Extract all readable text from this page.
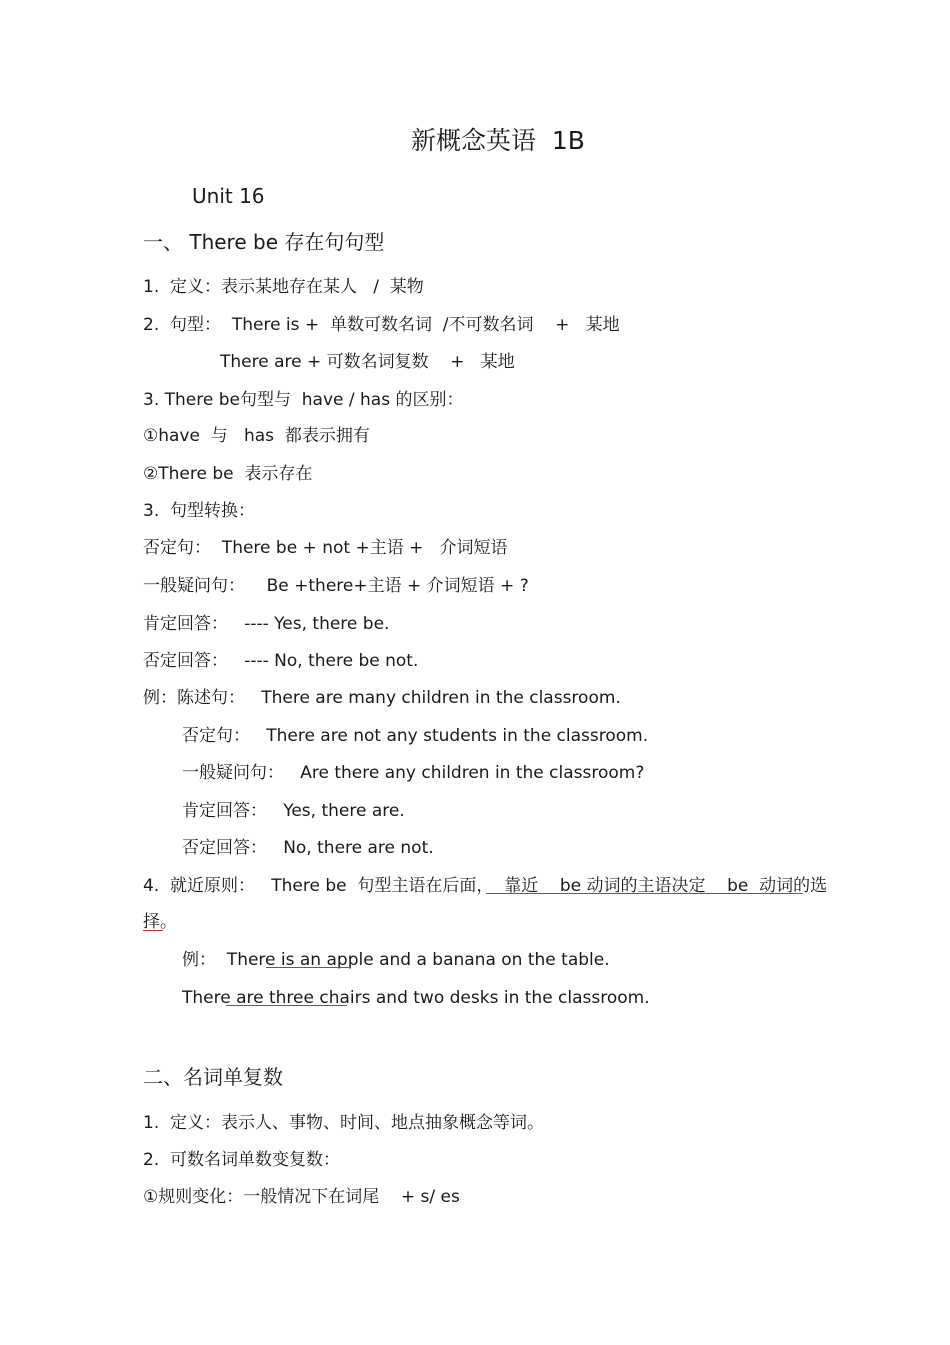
新概念英语  1B
Unit 16
一、 There be 存在句句型
1.  定义：表示某地存在某人   /  某物
2.  句型：  There is +  单数可数名词  /不可数名词    +   某地
There are + 可数名词复数    +   某地
3. There be句型与  have / has 的区别：
①have  与   has  都表示拥有
②There be  表示存在
3.  句型转换：
否定句：  There be + not +主语 +   介词短语
一般疑问句：    Be +there+主语 + 介词短语 + ?
肯定回答：   ---- Yes, there be.
否定回答：   ---- No, there be not.
例：陈述句：   There are many children in the classroom.
否定句：   There are not any students in the classroom.
一般疑问句：   Are there any children in the classroom?
肯定回答：   Yes, there are.
否定回答：   No, there are not.
4.  就近原则：   There be  句型主语在后面，  靠近    be 动词的主语决定    be  动词的选
择。
例：  There is an apple and a banana on the table.
There are three chairs and two desks in the classroom.
二、名词单复数
1.  定义：表示人、事物、时间、地点抽象概念等词。
2.  可数名词单数变复数：
①规则变化：一般情况下在词尾    + s/ es
